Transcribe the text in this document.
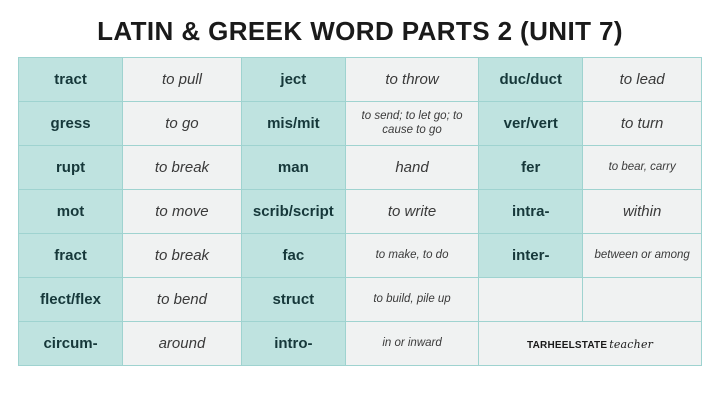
LATIN & GREEK WORD PARTS 2 (UNIT 7)
tract	to pull	ject	to throw	duc/duct	to lead
gress	to go	mis/mit	to send; to let go; to cause to go	ver/vert	to turn
rupt	to break	man	hand	fer	to bear, carry
mot	to move	scrib/script	to write	intra-	within
fract	to break	fac	to make, to do	inter-	between or among
flect/flex	to bend	struct	to build, pile up		
circum-	around	intro-	in or inward	TARHEELSTATE teacher	
